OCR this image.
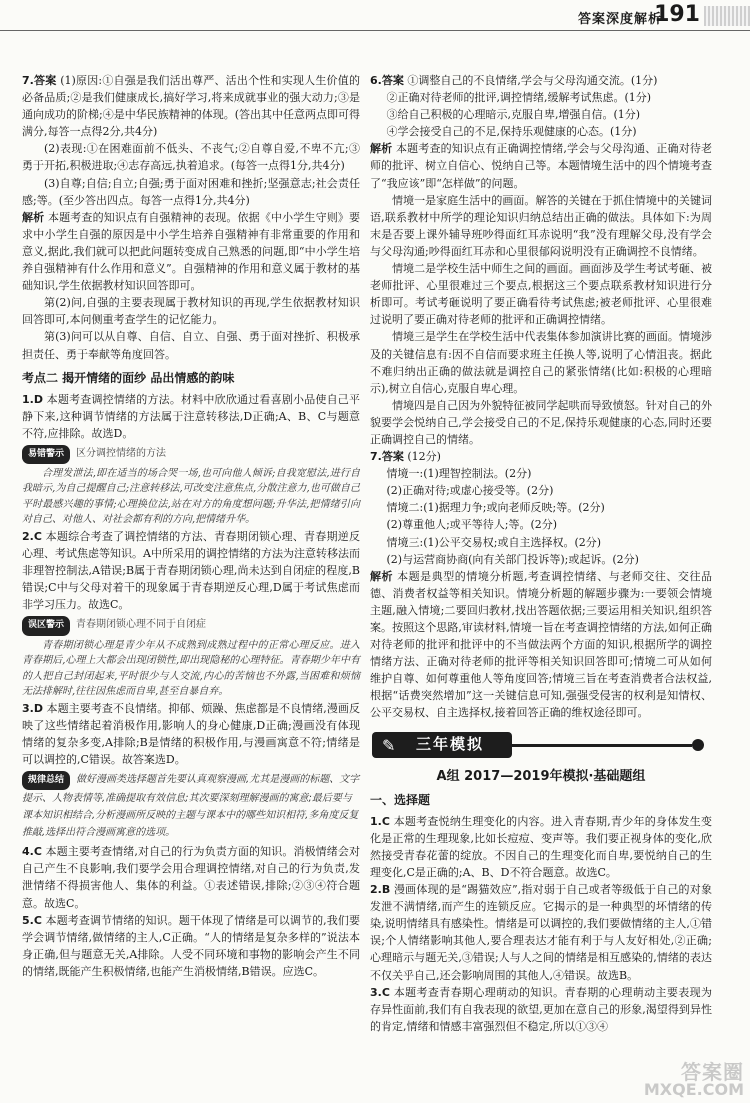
答案深度解析
191

7.答案 (1)原因:①自强是我们活出尊严、活出个性和实现人生价值的必备品质;②是我们健康成长,搞好学习,将来成就事业的强大动力;③是通向成功的阶梯;④是中华民族精神的体现。(答出其中任意两点即可得满分,每答一点得2分,共4分)

(2)表现:①在困难面前不低头、不丧气;②自尊自爱,不卑不亢;③勇于开拓,积极进取;④志存高远,执着追求。(每答一点得1分,共4分)

(3)自尊;自信;自立;自强;勇于面对困难和挫折;坚强意志;社会责任感;等。(至少答出四点。每答一点得1分,共4分)

解析 本题考查的知识点有自强精神的表现。依据《中小学生守则》要求中小学生自强的原因是中小学生培养自强精神有非常重要的作用和意义,据此,我们就可以把此问题转变成自己熟悉的问题,即“中小学生培养自强精神有什么作用和意义”。自强精神的作用和意义属于教材的基础知识,学生依据教材知识回答即可。

第(2)问,自强的主要表现属于教材知识的再现,学生依据教材知识回答即可,本问侧重考查学生的记忆能力。

第(3)问可以从自尊、自信、自立、自强、勇于面对挫折、积极承担责任、勇于奉献等角度回答。

考点二 揭开情绪的面纱 品出情感的韵味

1.D 本题考查调控情绪的方法。材料中欣欣通过看喜剧小品使自己平静下来,这种调节情绪的方法属于注意转移法,D正确;A、B、C与题意不符,应排除。故选D。

易错警示 区分调控情绪的方法

合理发泄法,即在适当的场合哭一场,也可向他人倾诉;自我宽慰法,进行自我暗示,为自己提醒自己;注意转移法,可改变注意焦点,分散注意力,也可做自己平时最感兴趣的事情;心理换位法,站在对方的角度想问题;升华法,把情绪引向对自己、对他人、对社会都有利的方向,把情绪升华。

2.C 本题综合考查了调控情绪的方法、青春期闭锁心理、青春期逆反心理、考试焦虑等知识。A中所采用的调控情绪的方法为注意转移法而非理智控制法,A错误;B属于青春期闭锁心理,尚未达到自闭症的程度,B错误;C中与父母对着干的现象属于青春期逆反心理,D属于考试焦虑而非学习压力。故选C。

误区警示 青春期闭锁心理不同于自闭症

青春期闭锁心理是青少年从不成熟到成熟过程中的正常心理反应。进入青春期后,心理上大都会出现闭锁性,即出现隐秘的心理特征。青春期少年中有的人把自己封闭起来,平时很少与人交流,内心的苦恼也不外露,当困难和烦恼无法排解时,往往因焦虑而自卑,甚至自暴自弃。

3.D 本题主要考查不良情绪。抑郁、烦躁、焦虑都是不良情绪,漫画反映了这些情绪起着消极作用,影响人的身心健康,D正确;漫画没有体现情绪的复杂多变,A排除;B是情绪的积极作用,与漫画寓意不符;情绪是可以调控的,C错误。故答案选D。

规律总结 做好漫画类选择题首先要认真观察漫画,尤其是漫画的标题、文字提示、人物表情等,准确提取有效信息;其次要深刻理解漫画的寓意;最后要与课本知识相结合,分析漫画所反映的主题与课本中的哪些知识相符,多角度反复推敲,选择出符合漫画寓意的选项。

4.C 本题主要考查情绪,对自己的行为负责方面的知识。消极情绪会对自己产生不良影响,我们要学会用合理调控情绪,对自己的行为负责,发泄情绪不得损害他人、集体的利益。①表述错误,排除;②③④符合题意。故选C。

5.C 本题考查调节情绪的知识。题干体现了情绪是可以调节的,我们要学会调节情绪,做情绪的主人,C正确。“人的情绪是复杂多样的”说法本身正确,但与题意无关,A排除。人受不同环境和事物的影响会产生不同的情绪,既能产生积极情绪,也能产生消极情绪,B错误。应选C。

6.答案 ①调整自己的不良情绪,学会与父母沟通交流。(1分)

②正确对待老师的批评,调控情绪,缓解考试焦虑。(1分)

③给自己积极的心理暗示,克服自卑,增强自信。(1分)

④学会接受自己的不足,保持乐观健康的心态。(1分)

解析 本题考查的知识点有正确调控情绪,学会与父母沟通、正确对待老师的批评、树立自信心、悦纳自己等。本题情境生活中的四个情境考查了“我应该”即“怎样做”的问题。

情境一是家庭生活中的画面。解答的关键在于抓住情境中的关键词语,联系教材中所学的理论知识归纳总结出正确的做法。具体如下:为周末是否要上课外辅导班吵得面红耳赤说明“我”没有理解父母,没有学会与父母沟通;吵得面红耳赤和心里很郁闷说明没有正确调控不良情绪。

情境二是学校生活中师生之间的画面。画面涉及学生考试考砸、被老师批评、心里很难过三个要点,根据这三个要点联系教材知识进行分析即可。考试考砸说明了要正确看待考试焦虑;被老师批评、心里很难过说明了要正确对待老师的批评和正确调控情绪。

情境三是学生在学校生活中代表集体参加演讲比赛的画面。情境涉及的关键信息有:因不自信而要求班主任换人等,说明了心情沮丧。据此不难归纳出正确的做法就是调控自己的紧张情绪(比如:积极的心理暗示),树立自信心,克服自卑心理。

情境四是自己因为外貌特征被同学起哄而导致愤怒。针对自己的外貌要学会悦纳自己,学会接受自己的不足,保持乐观健康的心态,同时还要正确调控自己的情绪。

7.答案 (12分)

情境一:(1)理智控制法。(2分)

(2)正确对待;或虚心接受等。(2分)

情境二:(1)据理力争;或向老师反映;等。(2分)

(2)尊重他人;或平等待人;等。(2分)

情境三:(1)公平交易权;或自主选择权。(2分)

(2)与运营商协商(向有关部门投诉等);或起诉。(2分)

解析 本题是典型的情境分析题,考查调控情绪、与老师交往、交往品德、消费者权益等相关知识。情境分析题的解题步骤为:一要领会情境主题,融入情境;二要回归教材,找出答题依据;三要运用相关知识,组织答案。按照这个思路,审读材料,情境一旨在考查调控情绪的方法,如何正确对待老师的批评和批评中的不当做法两个方面的知识,根据所学的调控情绪方法、正确对待老师的批评等相关知识回答即可;情境二可从如何维护自尊、如何尊重他人等角度回答;情境三旨在考查消费者合法权益,根据“话费突然增加”这一关键信息可知,强强受侵害的权利是知情权、公平交易权、自主选择权,接着回答正确的维权途径即可。

✎ 三年模拟
A组 2017—2019年模拟·基础题组
一、选择题

1.C 本题考查悦纳生理变化的内容。进入青春期,青少年的身体发生变化是正常的生理现象,比如长痘痘、变声等。我们要正视身体的变化,欣然接受青春花蕾的绽放。不因自己的生理变化而自卑,要悦纳自己的生理变化,C是正确的;A、B、D不符合题意。故选C。

2.B 漫画体现的是“踢猫效应”,指对弱于自己或者等级低于自己的对象发泄不满情绪,而产生的连锁反应。它揭示的是一种典型的坏情绪的传染,说明情绪具有感染性。情绪是可以调控的,我们要做情绪的主人,①错误;个人情绪影响其他人,要合理表达才能有利于与人友好相处,②正确;心理暗示与题无关,③错误;人与人之间的情绪是相互感染的,情绪的表达不仅关乎自己,还会影响周围的其他人,④错误。故选B。

3.C 本题考查青春期心理萌动的知识。青春期的心理萌动主要表现为存异性面前,我们有自我表现的欲望,更加在意自己的形象,渴望得到异性的肯定,情绪和情感丰富强烈但不稳定,所以①③④

答案圈
MXQE.COM
